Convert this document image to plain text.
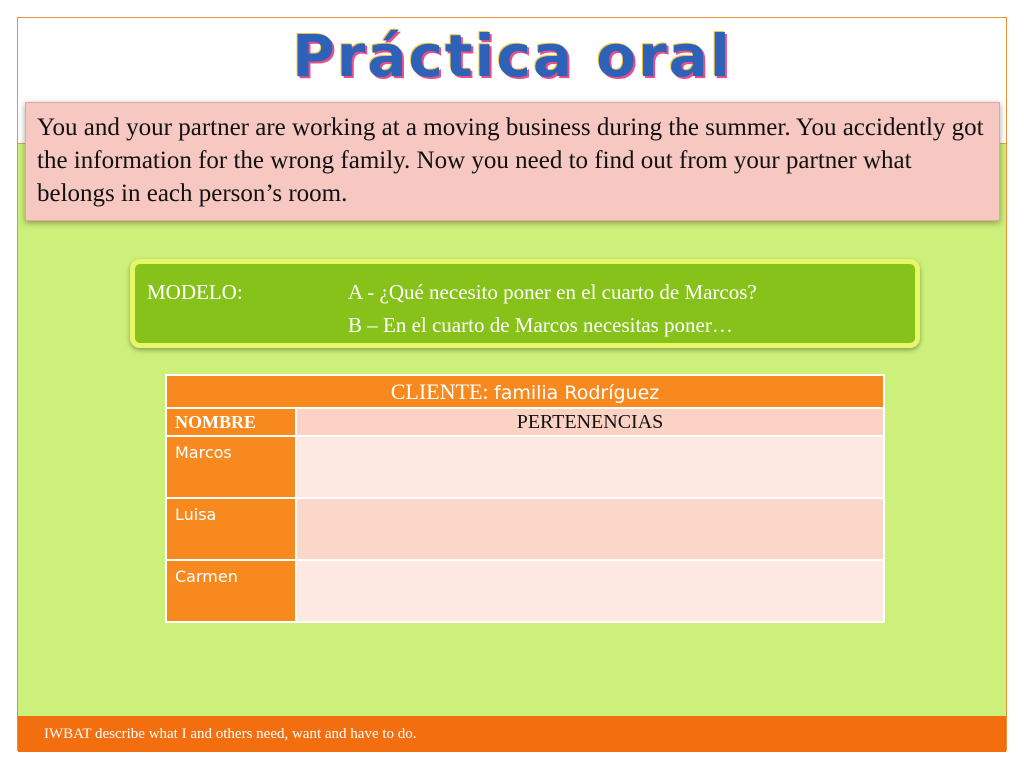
Práctica oral
You and your partner are working at a moving business during the summer. You accidently got the information for the wrong family. Now you need to find out from your partner what belongs in each person’s room.
MODELO:	A - ¿Qué necesito poner en el cuarto de Marcos?
B – En el cuarto de Marcos necesitas poner…
CLIENTE: familia Rodríguez	
NOMBRE	PERTENENCIAS
Marcos	
Luisa	
Carmen	
IWBAT describe what I and others need, want and have to do.
